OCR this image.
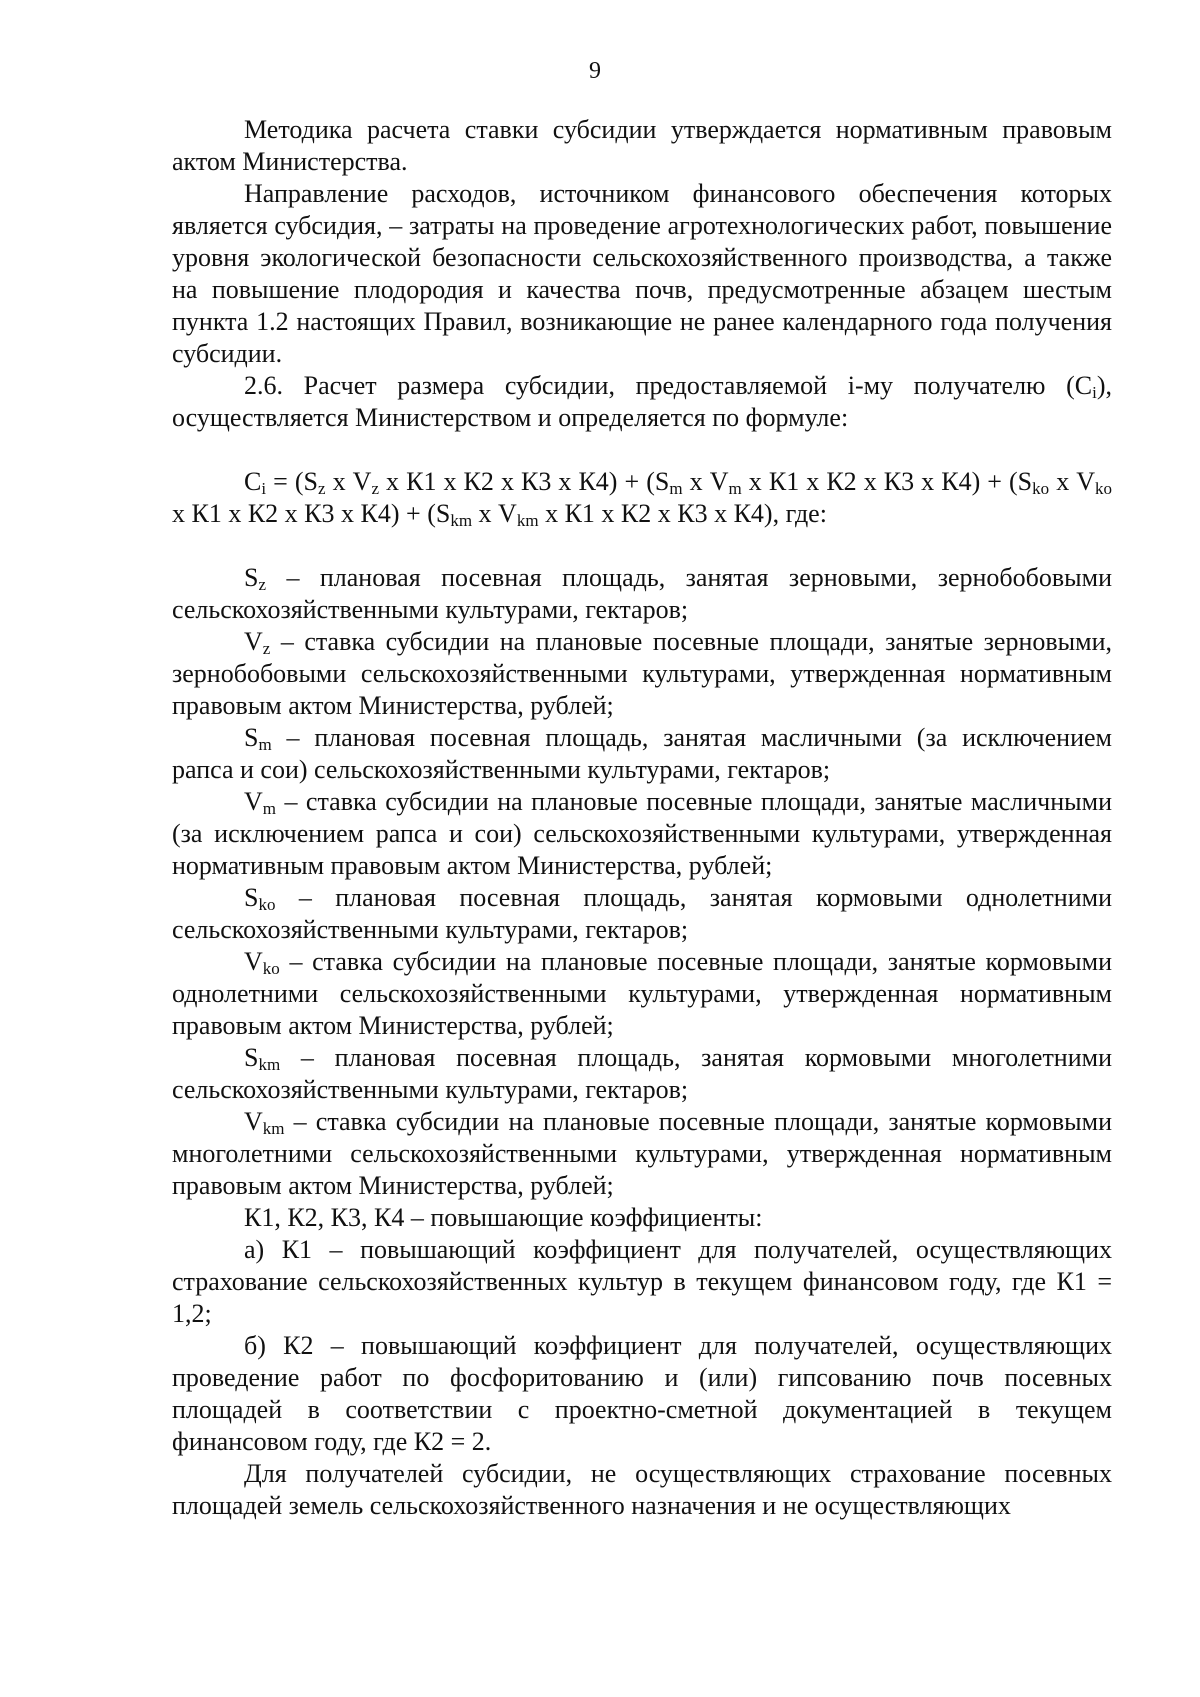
9

Методика расчета ставки субсидии утверждается нормативным правовым актом Министерства.

Направление расходов, источником финансового обеспечения которых является субсидия, – затраты на проведение агротехнологических работ, повышение уровня экологической безопасности сельскохозяйственного производства, а также на повышение плодородия и качества почв, предусмотренные абзацем шестым пункта 1.2 настоящих Правил, возникающие не ранее календарного года получения субсидии.

2.6. Расчет размера субсидии, предоставляемой i-му получателю $(C_i)$, осуществляется Министерством и определяется по формуле:

$C_i = (S_z$ х $V_z$ х К1 х К2 х К3 х $К4) + (S_m$ х $V_m$ х К1 х К2 х К3 х $К4) + (S_{ko}$ х $V_{ko}$ х К1 х К2 х К3 х $К4) + (S_{km}$ х $V_{km}$ х К1 х К2 х К3 х К4), где:

$S_z$ – плановая посевная площадь, занятая зерновыми, зернобобовыми сельскохозяйственными культурами, гектаров;

$V_z$ – ставка субсидии на плановые посевные площади, занятые зерновыми, зернобобовыми сельскохозяйственными культурами, утвержденная нормативным правовым актом Министерства, рублей;

$S_m$ – плановая посевная площадь, занятая масличными (за исключением рапса и сои) сельскохозяйственными культурами, гектаров;

$V_m$ – ставка субсидии на плановые посевные площади, занятые масличными (за исключением рапса и сои) сельскохозяйственными культурами, утвержденная нормативным правовым актом Министерства, рублей;

$S_{ko}$ – плановая посевная площадь, занятая кормовыми однолетними сельскохозяйственными культурами, гектаров;

$V_{ko}$ – ставка субсидии на плановые посевные площади, занятые кормовыми однолетними сельскохозяйственными культурами, утвержденная нормативным правовым актом Министерства, рублей;

$S_{km}$ – плановая посевная площадь, занятая кормовыми многолетними сельскохозяйственными культурами, гектаров;

$V_{km}$ – ставка субсидии на плановые посевные площади, занятые кормовыми многолетними сельскохозяйственными культурами, утвержденная нормативным правовым актом Министерства, рублей;

К1, К2, К3, К4 – повышающие коэффициенты:

а) К1 – повышающий коэффициент для получателей, осуществляющих страхование сельскохозяйственных культур в текущем финансовом году, где К1 = 1,2;

б) К2 – повышающий коэффициент для получателей, осуществляющих проведение работ по фосфоритованию и (или) гипсованию почв посевных площадей в соответствии с проектно-сметной документацией в текущем финансовом году, где К2 = 2.

Для получателей субсидии, не осуществляющих страхование посевных площадей земель сельскохозяйственного назначения и не осуществляющих
